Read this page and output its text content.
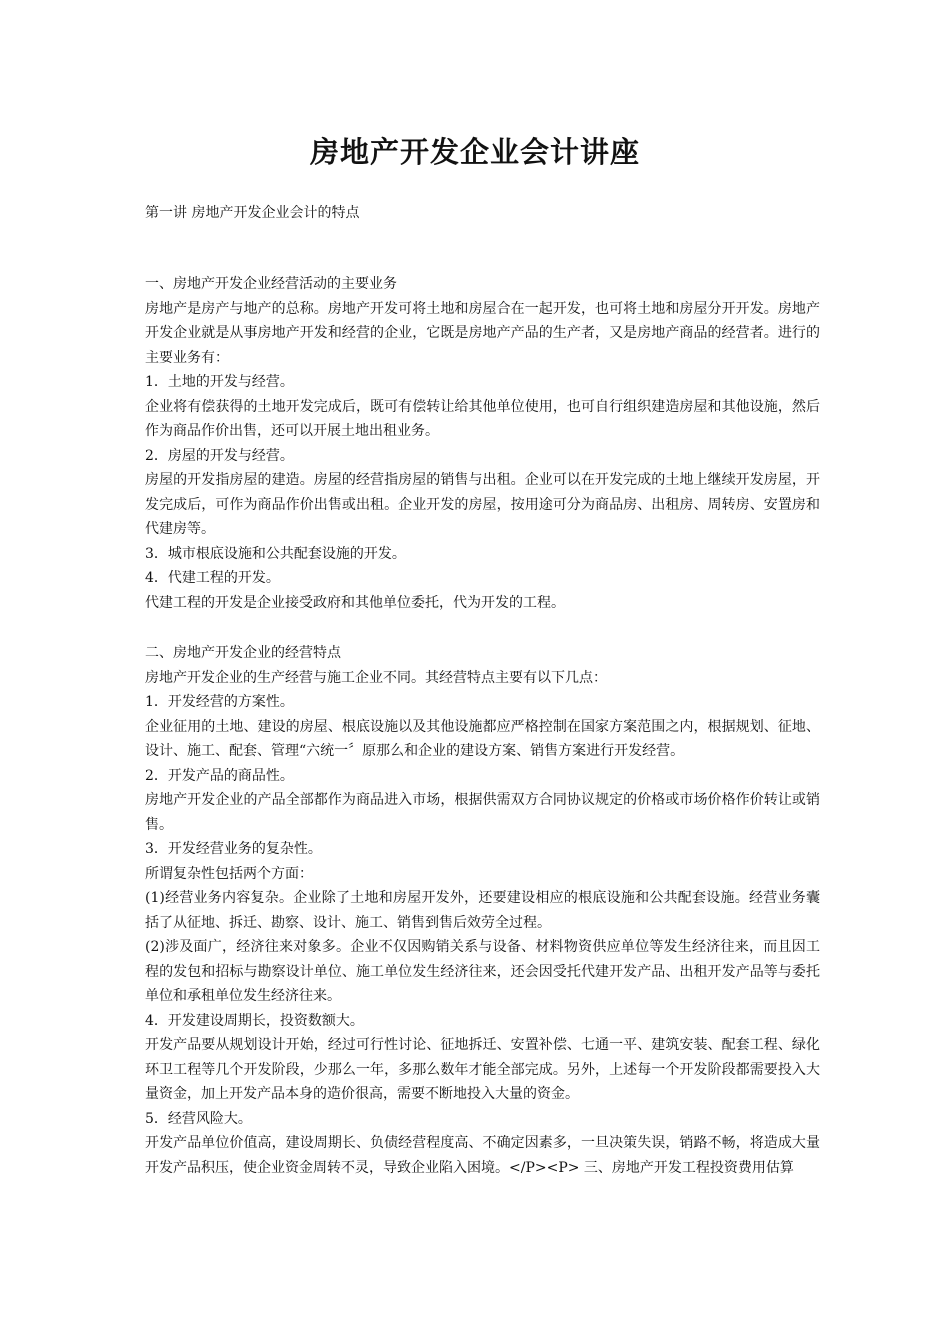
房地产开发企业会计讲座
第一讲 房地产开发企业会计的特点

一、房地产开发企业经营活动的主要业务

房地产是房产与地产的总称。房地产开发可将土地和房屋合在一起开发，也可将土地和房屋分开开发。房地产开发企业就是从事房地产开发和经营的企业，它既是房地产产品的生产者，又是房地产商品的经营者。进行的主要业务有：

1．土地的开发与经营。

企业将有偿获得的土地开发完成后，既可有偿转让给其他单位使用，也可自行组织建造房屋和其他设施，然后作为商品作价出售，还可以开展土地出租业务。

2．房屋的开发与经营。

房屋的开发指房屋的建造。房屋的经营指房屋的销售与出租。企业可以在开发完成的土地上继续开发房屋，开发完成后，可作为商品作价出售或出租。企业开发的房屋，按用途可分为商品房、出租房、周转房、安置房和代建房等。

3．城市根底设施和公共配套设施的开发。

4．代建工程的开发。

代建工程的开发是企业接受政府和其他单位委托，代为开发的工程。

二、房地产开发企业的经营特点

房地产开发企业的生产经营与施工企业不同。其经营特点主要有以下几点：

1．开发经营的方案性。

企业征用的土地、建设的房屋、根底设施以及其他设施都应严格控制在国家方案范围之内，根据规划、征地、设计、施工、配套、管理“六统一〞原那么和企业的建设方案、销售方案进行开发经营。

2．开发产品的商品性。

房地产开发企业的产品全部都作为商品进入市场，根据供需双方合同协议规定的价格或市场价格作价转让或销售。

3．开发经营业务的复杂性。

所谓复杂性包括两个方面：

(1)经营业务内容复杂。企业除了土地和房屋开发外，还要建设相应的根底设施和公共配套设施。经营业务囊括了从征地、拆迁、勘察、设计、施工、销售到售后效劳全过程。

(2)涉及面广，经济往来对象多。企业不仅因购销关系与设备、材料物资供应单位等发生经济往来，而且因工程的发包和招标与勘察设计单位、施工单位发生经济往来，还会因受托代建开发产品、出租开发产品等与委托单位和承租单位发生经济往来。

4．开发建设周期长，投资数额大。

开发产品要从规划设计开始，经过可行性讨论、征地拆迁、安置补偿、七通一平、建筑安装、配套工程、绿化环卫工程等几个开发阶段，少那么一年，多那么数年才能全部完成。另外，上述每一个开发阶段都需要投入大量资金，加上开发产品本身的造价很高，需要不断地投入大量的资金。

5．经营风险大。

开发产品单位价值高，建设周期长、负债经营程度高、不确定因素多，一旦决策失误，销路不畅，将造成大量开发产品积压，使企业资金周转不灵，导致企业陷入困境。</P><P> 三、房地产开发工程投资费用估算
